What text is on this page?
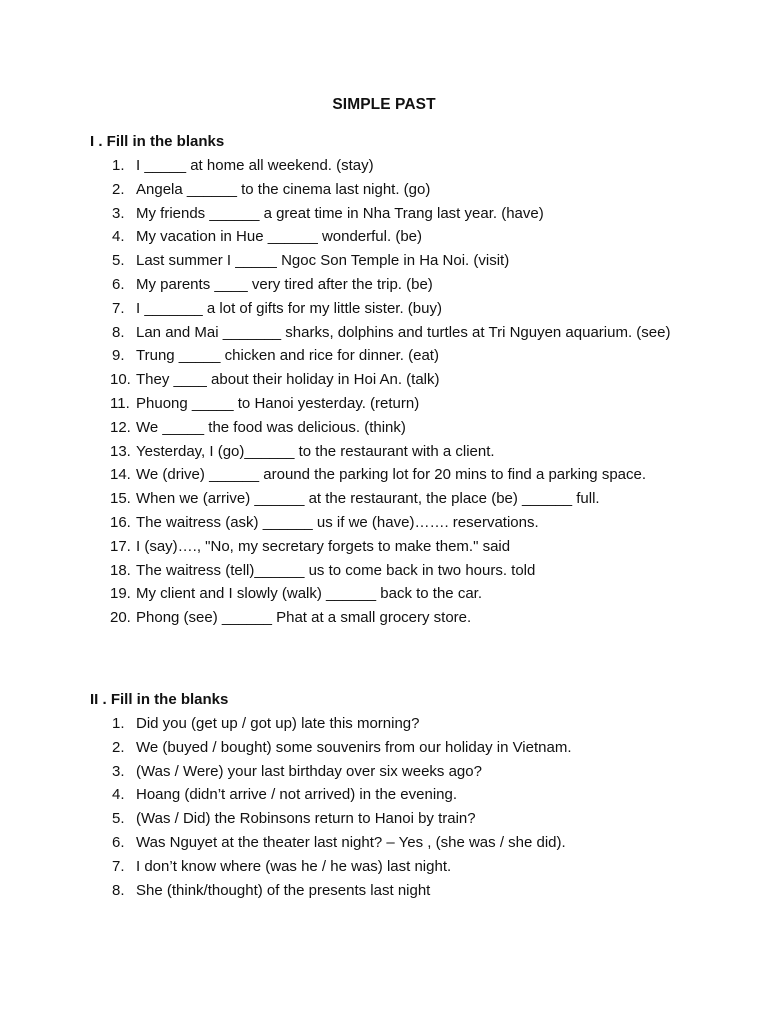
SIMPLE PAST
I . Fill in the blanks
1. I _____ at home all weekend. (stay)
2. Angela ______ to the cinema last night. (go)
3. My friends ______ a great time in Nha Trang last year. (have)
4. My vacation in Hue ______ wonderful. (be)
5. Last summer I _____ Ngoc Son Temple in Ha Noi. (visit)
6. My parents ____ very tired after the trip. (be)
7. I _______ a lot of gifts for my little sister. (buy)
8. Lan and Mai _______ sharks, dolphins and turtles at Tri Nguyen aquarium. (see)
9. Trung _____ chicken and rice for dinner. (eat)
10. They ____ about their holiday in Hoi An. (talk)
11. Phuong _____ to Hanoi yesterday. (return)
12. We _____ the food was delicious. (think)
13. Yesterday, I (go)______ to the restaurant with a client.
14. We (drive) ______ around the parking lot for 20 mins to find a parking space.
15. When we (arrive) ______ at the restaurant, the place (be) ______ full.
16. The waitress (ask) ______ us if we (have)……. reservations.
17. I (say)…., "No, my secretary forgets to make them." said
18. The waitress (tell)______ us to come back in two hours. told
19. My client and I slowly (walk) ______ back to the car.
20. Phong (see) ______ Phat at a small grocery store.
II . Fill in the blanks
1. Did you (get up / got up) late this morning?
2. We (buyed / bought) some souvenirs from our holiday in Vietnam.
3. (Was / Were) your last birthday over six weeks ago?
4. Hoang (didn’t arrive / not arrived) in the evening.
5. (Was / Did) the Robinsons return to Hanoi by train?
6. Was Nguyet at the theater last night? – Yes , (she was / she did).
7. I don’t know where (was he / he was) last night.
8. She (think/thought) of the presents last night
